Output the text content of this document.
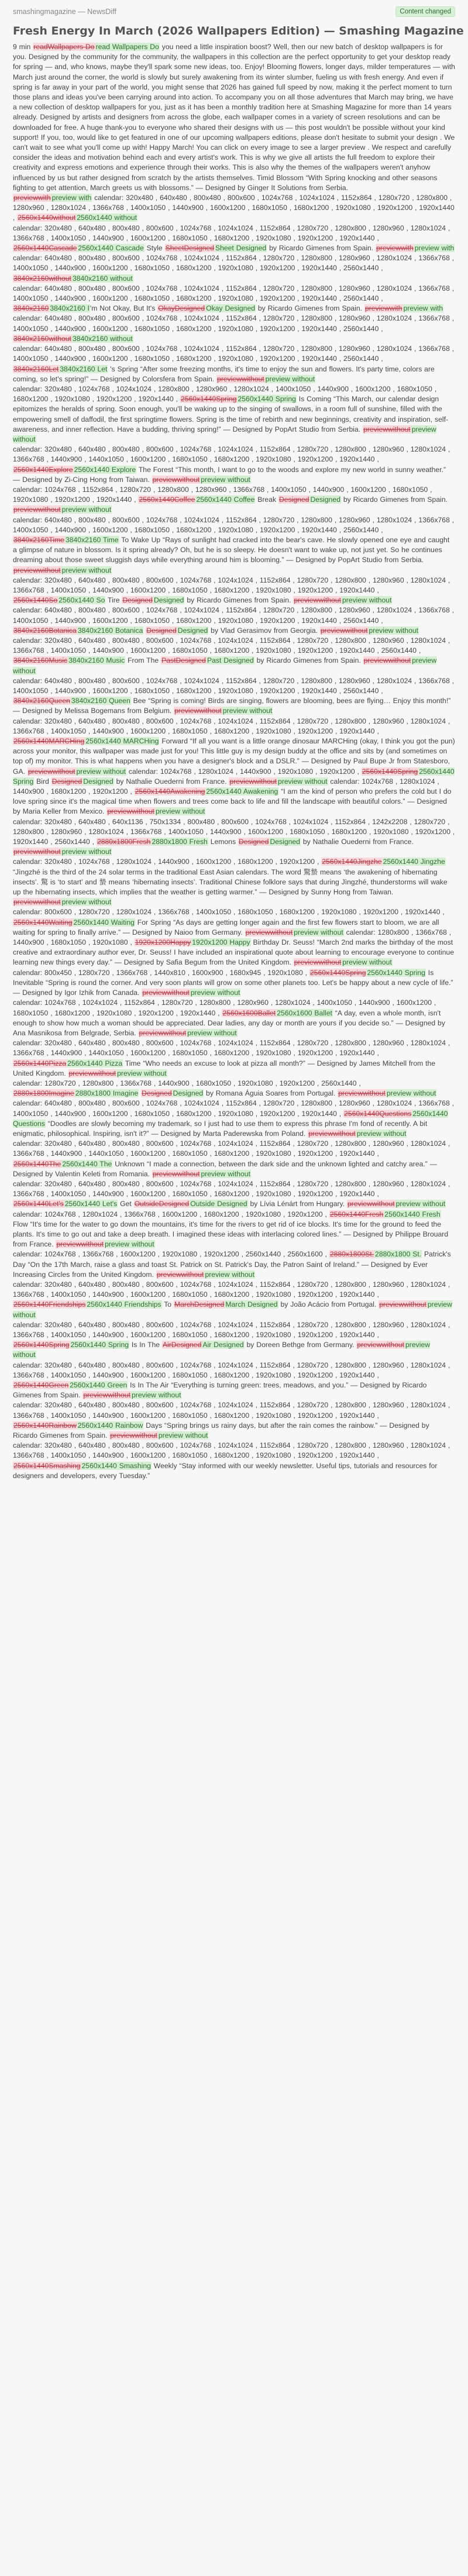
smashingmagazine — NewsDiff	Content changed
Fresh Energy In March (2026 Wallpapers Edition) — Smashing Magazine

9 min readWallpapers Do read Wallpapers Do you need a little inspiration boost? Well, then our new batch of desktop wallpapers is for you. Designed by the community for the community, the wallpapers in this collection are the perfect opportunity to get your desktop ready for spring — and, who knows, maybe they'll spark some new ideas, too. Enjoy! Blooming flowers, longer days, milder temperatures — with March just around the corner, the world is slowly but surely awakening from its winter slumber, fueling us with fresh energy. And even if spring is far away in your part of the world, you might sense that 2026 has gained full speed by now, making it the perfect moment to turn those plans and ideas you've been carrying around into action. To accompany you on all those adventures that March may bring, we have a new collection of desktop wallpapers for you, just as it has been a monthly tradition here at Smashing Magazine for more than 14 years already. Designed by artists and designers from across the globe, each wallpaper comes in a variety of screen resolutions and can be downloaded for free. A huge thank-you to everyone who shared their designs with us — this post wouldn't be possible without your kind support! If you, too, would like to get featured in one of our upcoming wallpapers editions, please don't hesitate to submit your design . We can't wait to see what you'll come up with! Happy March! You can click on every image to see a larger preview . We respect and carefully consider the ideas and motivation behind each and every artist's work. This is why we give all artists the full freedom to explore their creativity and express emotions and experience through their works. This is also why the themes of the wallpapers weren't anyhow influenced by us but rather designed from scratch by the artists themselves. Timid Blossom “With Spring knocking and other seasons fighting to get attention, March greets us with blossoms.” — Designed by Ginger It Solutions from Serbia.

previewwith preview with calendar: 320x480 , 640x480 , 800x480 , 800x600 , 1024x768 , 1024x1024 , 1152x864 , 1280x720 , 1280x800 , 1280x960 , 1280x1024 , 1366x768 , 1400x1050 , 1440x900 , 1600x1200 , 1680x1050 , 1680x1200 , 1920x1080 , 1920x1200 , 1920x1440 , 2560x1440without 2560x1440 without

calendar: 320x480 , 640x480 , 800x480 , 800x600 , 1024x768 , 1024x1024 , 1152x864 , 1280x720 , 1280x800 , 1280x960 , 1280x1024 , 1366x768 , 1400x1050 , 1440x900 , 1600x1200 , 1680x1050 , 1680x1200 , 1920x1080 , 1920x1200 , 1920x1440 , 2560x1440Cascade 2560x1440 Cascade Style SheetDesigned Sheet Designed by Ricardo Gimenes from Spain. previewwith preview with

calendar: 640x480 , 800x480 , 800x600 , 1024x768 , 1024x1024 , 1152x864 , 1280x720 , 1280x800 , 1280x960 , 1280x1024 , 1366x768 , 1400x1050 , 1440x900 , 1600x1200 , 1680x1050 , 1680x1200 , 1920x1080 , 1920x1200 , 1920x1440 , 2560x1440 , 3840x2160without 3840x2160 without

calendar: 640x480 , 800x480 , 800x600 , 1024x768 , 1024x1024 , 1152x864 , 1280x720 , 1280x800 , 1280x960 , 1280x1024 , 1366x768 , 1400x1050 , 1440x900 , 1600x1200 , 1680x1050 , 1680x1200 , 1920x1080 , 1920x1200 , 1920x1440 , 2560x1440 , 3840x2160 3840x2160 I'm Not Okay, But It's OkayDesigned Okay Designed by Ricardo Gimenes from Spain. previewwith preview with

calendar: 640x480 , 800x480 , 800x600 , 1024x768 , 1024x1024 , 1152x864 , 1280x720 , 1280x800 , 1280x960 , 1280x1024 , 1366x768 , 1400x1050 , 1440x900 , 1600x1200 , 1680x1050 , 1680x1200 , 1920x1080 , 1920x1200 , 1920x1440 , 2560x1440 , 3840x2160without 3840x2160 without

calendar: 640x480 , 800x480 , 800x600 , 1024x768 , 1024x1024 , 1152x864 , 1280x720 , 1280x800 , 1280x960 , 1280x1024 , 1366x768 , 1400x1050 , 1440x900 , 1600x1200 , 1680x1050 , 1680x1200 , 1920x1080 , 1920x1200 , 1920x1440 , 2560x1440 , 3840x2160Let 3840x2160 Let 's Spring “After some freezing months, it's time to enjoy the sun and flowers. It's party time, colors are coming, so let's spring!” — Designed by Colorsfera from Spain. previewwithout preview without

calendar: 320x480 , 1024x768 , 1024x1024 , 1280x800 , 1280x960 , 1280x1024 , 1400x1050 , 1440x900 , 1600x1200 , 1680x1050 , 1680x1200 , 1920x1080 , 1920x1200 , 1920x1440 , 2560x1440Spring 2560x1440 Spring Is Coming “This March, our calendar design epitomizes the heralds of spring. Soon enough, you'll be waking up to the singing of swallows, in a room full of sunshine, filled with the empowering smell of daffodil, the first springtime flowers. Spring is the time of rebirth and new beginnings, creativity and inspiration, self-awareness, and inner reflection. Have a budding, thriving spring!” — Designed by PopArt Studio from Serbia. previewwithout preview without

calendar: 320x480 , 640x480 , 800x480 , 800x600 , 1024x768 , 1024x1024 , 1152x864 , 1280x720 , 1280x800 , 1280x960 , 1280x1024 , 1366x768 , 1440x900 , 1440x1050 , 1600x1200 , 1680x1050 , 1680x1200 , 1920x1080 , 1920x1200 , 1920x1440 , 2560x1440Explore 2560x1440 Explore The Forest “This month, I want to go to the woods and explore my new world in sunny weather.” — Designed by Zi-Cing Hong from Taiwan. previewwithout preview without

calendar: 1024x768 , 1152x864 , 1280x720 , 1280x800 , 1280x960 , 1366x768 , 1400x1050 , 1440x900 , 1600x1200 , 1680x1050 , 1920x1080 , 1920x1200 , 1920x1440 , 2560x1440Coffee 2560x1440 Coffee Break Designed Designed by Ricardo Gimenes from Spain. previewwithout preview without

calendar: 640x480 , 800x480 , 800x600 , 1024x768 , 1024x1024 , 1152x864 , 1280x720 , 1280x800 , 1280x960 , 1280x1024 , 1366x768 , 1400x1050 , 1440x900 , 1600x1200 , 1680x1050 , 1680x1200 , 1920x1080 , 1920x1200 , 1920x1440 , 2560x1440 , 3840x2160Time 3840x2160 Time To Wake Up “Rays of sunlight had cracked into the bear's cave. He slowly opened one eye and caught a glimpse of nature in blossom. Is it spring already? Oh, but he is so sleepy. He doesn't want to wake up, not just yet. So he continues dreaming about those sweet sluggish days while everything around him is blooming.” — Designed by PopArt Studio from Serbia. previewwithout preview without

calendar: 320x480 , 640x480 , 800x480 , 800x600 , 1024x768 , 1024x1024 , 1152x864 , 1280x720 , 1280x800 , 1280x960 , 1280x1024 , 1366x768 , 1400x1050 , 1440x900 , 1600x1200 , 1680x1050 , 1680x1200 , 1920x1080 , 1920x1200 , 1920x1440 , 2560x1440So 2560x1440 So Tire Designed Designed by Ricardo Gimenes from Spain. previewwithout preview without

calendar: 640x480 , 800x480 , 800x600 , 1024x768 , 1024x1024 , 1152x864 , 1280x720 , 1280x800 , 1280x960 , 1280x1024 , 1366x768 , 1400x1050 , 1440x900 , 1600x1200 , 1680x1050 , 1680x1200 , 1920x1080 , 1920x1200 , 1920x1440 , 2560x1440 , 3840x2160Botanica 3840x2160 Botanica Designed Designed by Vlad Gerasimov from Georgia. previewwithout preview without

calendar: 320x480 , 640x480 , 800x480 , 800x600 , 1024x768 , 1024x1024 , 1152x864 , 1280x720 , 1280x800 , 1280x960 , 1280x1024 , 1366x768 , 1400x1050 , 1440x900 , 1600x1200 , 1680x1050 , 1680x1200 , 1920x1080 , 1920x1200 , 1920x1440 , 2560x1440 , 3840x2160Music 3840x2160 Music From The PastDesigned Past Designed by Ricardo Gimenes from Spain. previewwithout preview without

calendar: 640x480 , 800x480 , 800x600 , 1024x768 , 1024x1024 , 1152x864 , 1280x720 , 1280x800 , 1280x960 , 1280x1024 , 1366x768 , 1400x1050 , 1440x900 , 1600x1200 , 1680x1050 , 1680x1200 , 1920x1080 , 1920x1200 , 1920x1440 , 2560x1440 , 3840x2160Queen 3840x2160 Queen Bee “Spring is coming! Birds are singing, flowers are blooming, bees are flying… Enjoy this month!” — Designed by Melissa Bogemans from Belgium. previewwithout preview without

calendar: 320x480 , 640x480 , 800x480 , 800x600 , 1024x768 , 1024x1024 , 1152x864 , 1280x720 , 1280x800 , 1280x960 , 1280x1024 , 1366x768 , 1400x1050 , 1440x900 , 1600x1200 , 1680x1050 , 1680x1200 , 1920x1080 , 1920x1200 , 1920x1440 , 2560x1440MARCHing 2560x1440 MARCHing Forward “If all you want is a little orange dinosaur MARCHing (okay, I think you got the pun) across your monitor, this wallpaper was made just for you! This little guy is my design buddy at the office and sits by (and sometimes on top of) my monitor. This is what happens when you have a designer's block and a DSLR.” — Designed by Paul Bupe Jr from Statesboro, GA. previewwithout preview without calendar: 1024x768 , 1280x1024 , 1440x900 , 1920x1080 , 1920x1200 , 2560x1440Spring 2560x1440 Spring Bird Designed Designed by Nathalie Ouederni from France. previewwithout preview without calendar: 1024x768 , 1280x1024 , 1440x900 , 1680x1200 , 1920x1200 , 2560x1440Awakening 2560x1440 Awakening “I am the kind of person who prefers the cold but I do love spring since it's the magical time when flowers and trees come back to life and fill the landscape with beautiful colors.” — Designed by Maria Keller from Mexico. previewwithout preview without

calendar: 320x480 , 640x480 , 640x1136 , 750x1334 , 800x480 , 800x600 , 1024x768 , 1024x1024 , 1152x864 , 1242x2208 , 1280x720 , 1280x800 , 1280x960 , 1280x1024 , 1366x768 , 1400x1050 , 1440x900 , 1600x1200 , 1680x1050 , 1680x1200 , 1920x1080 , 1920x1200 , 1920x1440 , 2560x1440 , 2880x1800Fresh 2880x1800 Fresh Lemons Designed Designed by Nathalie Ouederni from France. previewwithout preview without

calendar: 320x480 , 1024x768 , 1280x1024 , 1440x900 , 1600x1200 , 1680x1200 , 1920x1200 , 2560x1440Jingzhe 2560x1440 Jingzhe “Jìngzhé is the third of the 24 solar terms in the traditional East Asian calendars. The word 驚蟄 means ‘the awakening of hibernating insects’. 驚 is ‘to start’ and 蟄 means ‘hibernating insects’. Traditional Chinese folklore says that during Jìngzhé, thunderstorms will wake up the hibernating insects, which implies that the weather is getting warmer.” — Designed by Sunny Hong from Taiwan. previewwithout preview without

calendar: 800x600 , 1280x720 , 1280x1024 , 1366x768 , 1400x1050 , 1680x1050 , 1680x1200 , 1920x1080 , 1920x1200 , 1920x1440 , 2560x1440Waiting 2560x1440 Waiting For Spring “As days are getting longer again and the first few flowers start to bloom, we are all waiting for spring to finally arrive.” — Designed by Naioo from Germany. previewwithout preview without calendar: 1280x800 , 1366x768 , 1440x900 , 1680x1050 , 1920x1080 , 1920x1200Happy 1920x1200 Happy Birthday Dr. Seuss! “March 2nd marks the birthday of the most creative and extraordinary author ever, Dr. Seuss! I have included an inspirational quote about learning to encourage everyone to continue learning new things every day.” — Designed by Safia Begum from the United Kingdom. previewwithout preview without

calendar: 800x450 , 1280x720 , 1366x768 , 1440x810 , 1600x900 , 1680x945 , 1920x1080 , 2560x1440Spring 2560x1440 Spring Is Inevitable “Spring is round the corner. And very soon plants will grow on some other planets too. Let's be happy about a new cycle of life.” — Designed by Igor Izhik from Canada. previewwithout preview without

calendar: 1024x768 , 1024x1024 , 1152x864 , 1280x720 , 1280x800 , 1280x960 , 1280x1024 , 1400x1050 , 1440x900 , 1600x1200 , 1680x1050 , 1680x1200 , 1920x1080 , 1920x1200 , 1920x1440 , 2560x1600Ballet 2560x1600 Ballet “A day, even a whole month, isn't enough to show how much a woman should be appreciated. Dear ladies, any day or month are yours if you decide so.” — Designed by Ana Masnikosa from Belgrade, Serbia. previewwithout preview without

calendar: 320x480 , 640x480 , 800x480 , 800x600 , 1024x768 , 1024x1024 , 1152x864 , 1280x720 , 1280x800 , 1280x960 , 1280x1024 , 1366x768 , 1440x900 , 1440x1050 , 1600x1200 , 1680x1050 , 1680x1200 , 1920x1080 , 1920x1200 , 1920x1440 , 2560x1440Pizza 2560x1440 Pizza Time “Who needs an excuse to look at pizza all month?” — Designed by James Mitchell from the United Kingdom. previewwithout preview without

calendar: 1280x720 , 1280x800 , 1366x768 , 1440x900 , 1680x1050 , 1920x1080 , 1920x1200 , 2560x1440 , 2880x1800Imagine 2880x1800 Imagine Designed Designed by Romana Águia Soares from Portugal. previewwithout preview without

calendar: 640x480 , 800x480 , 800x600 , 1024x768 , 1024x1024 , 1152x864 , 1280x720 , 1280x800 , 1280x960 , 1280x1024 , 1366x768 , 1400x1050 , 1440x900 , 1600x1200 , 1680x1050 , 1680x1200 , 1920x1080 , 1920x1200 , 1920x1440 , 2560x1440Questions 2560x1440 Questions “Doodles are slowly becoming my trademark, so I just had to use them to express this phrase I'm fond of recently. A bit enigmatic, philosophical. Inspiring, isn't it?” — Designed by Marta Paderewska from Poland. previewwithout preview without

calendar: 320x480 , 640x480 , 800x480 , 800x600 , 1024x768 , 1024x1024 , 1152x864 , 1280x720 , 1280x800 , 1280x960 , 1280x1024 , 1366x768 , 1440x900 , 1440x1050 , 1600x1200 , 1680x1050 , 1680x1200 , 1920x1080 , 1920x1200 , 1920x1440 , 2560x1440The 2560x1440 The Unknown “I made a connection, between the dark side and the unknown lighted and catchy area.” — Designed by Valentin Keleti from Romania. previewwithout preview without

calendar: 320x480 , 640x480 , 800x480 , 800x600 , 1024x768 , 1024x1024 , 1152x864 , 1280x720 , 1280x800 , 1280x960 , 1280x1024 , 1366x768 , 1400x1050 , 1440x900 , 1600x1200 , 1680x1050 , 1680x1200 , 1920x1080 , 1920x1200 , 1920x1440 , 2560x1440Let's 2560x1440 Let's Get OutsideDesigned Outside Designed by Lívia Lénárt from Hungary. previewwithout preview without

calendar: 1024x768 , 1280x1024 , 1366x768 , 1600x1200 , 1680x1200 , 1920x1080 , 1920x1200 , 2560x1440Fresh 2560x1440 Fresh Flow “It's time for the water to go down the mountains, it's time for the rivers to get rid of ice blocks. It's time for the ground to feed the plants. It's time to go out and take a deep breath. I imagined these ideas with interlacing colored lines.” — Designed by Philippe Brouard from France. previewwithout preview without

calendar: 1024x768 , 1366x768 , 1600x1200 , 1920x1080 , 1920x1200 , 2560x1440 , 2560x1600 , 2880x1800St. 2880x1800 St. Patrick's Day “On the 17th March, raise a glass and toast St. Patrick on St. Patrick's Day, the Patron Saint of Ireland.” — Designed by Ever Increasing Circles from the United Kingdom. previewwithout preview without

calendar: 320x480 , 640x480 , 800x480 , 800x600 , 1024x768 , 1024x1024 , 1152x864 , 1280x720 , 1280x800 , 1280x960 , 1280x1024 , 1366x768 , 1400x1050 , 1440x900 , 1600x1200 , 1680x1050 , 1680x1200 , 1920x1080 , 1920x1200 , 1920x1440 , 2560x1440Friendships 2560x1440 Friendships To MarchDesigned March Designed by João Acácio from Portugal. previewwithout preview without

calendar: 320x480 , 640x480 , 800x480 , 800x600 , 1024x768 , 1024x1024 , 1152x864 , 1280x720 , 1280x800 , 1280x960 , 1280x1024 , 1366x768 , 1400x1050 , 1440x900 , 1600x1200 , 1680x1050 , 1680x1200 , 1920x1080 , 1920x1200 , 1920x1440 , 2560x1440Spring 2560x1440 Spring Is In The AirDesigned Air Designed by Doreen Bethge from Germany. previewwithout preview without

calendar: 320x480 , 640x480 , 800x480 , 800x600 , 1024x768 , 1024x1024 , 1152x864 , 1280x720 , 1280x800 , 1280x960 , 1280x1024 , 1366x768 , 1400x1050 , 1440x900 , 1600x1200 , 1680x1050 , 1680x1200 , 1920x1080 , 1920x1200 , 1920x1440 , 2560x1440Green 2560x1440 Green Is In The Air “Everything is turning green: trees, meadows, and you.” — Designed by Ricardo Gimenes from Spain. previewwithout preview without

calendar: 320x480 , 640x480 , 800x480 , 800x600 , 1024x768 , 1024x1024 , 1152x864 , 1280x720 , 1280x800 , 1280x960 , 1280x1024 , 1366x768 , 1400x1050 , 1440x900 , 1600x1200 , 1680x1050 , 1680x1200 , 1920x1080 , 1920x1200 , 1920x1440 , 2560x1440Rainbow 2560x1440 Rainbow Days “Spring brings us rainy days, but after the rain comes the rainbow.” — Designed by Ricardo Gimenes from Spain. previewwithout preview without

calendar: 320x480 , 640x480 , 800x480 , 800x600 , 1024x768 , 1024x1024 , 1152x864 , 1280x720 , 1280x800 , 1280x960 , 1280x1024 , 1366x768 , 1400x1050 , 1440x900 , 1600x1200 , 1680x1050 , 1680x1200 , 1920x1080 , 1920x1200 , 1920x1440 , 2560x1440Smashing 2560x1440 Smashing Weekly “Stay informed with our weekly newsletter. Useful tips, tutorials and resources for designers and developers, every Tuesday.”
